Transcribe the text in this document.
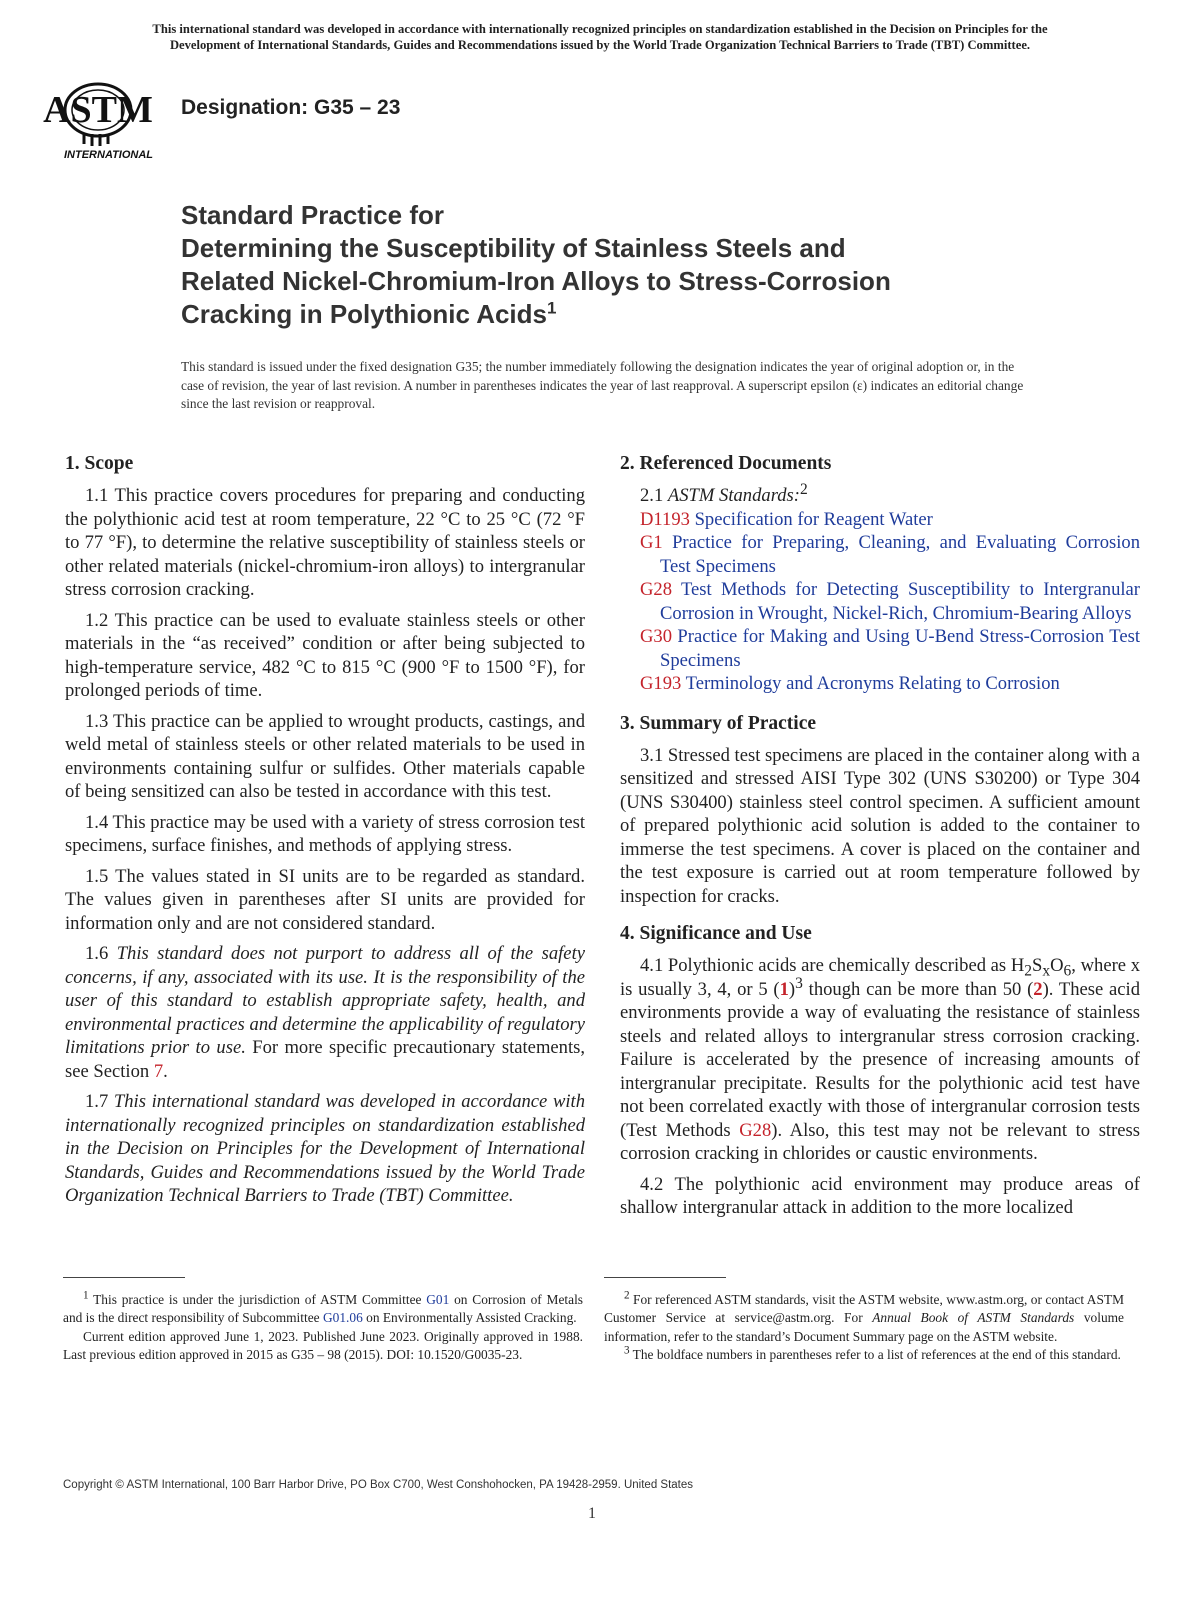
This international standard was developed in accordance with internationally recognized principles on standardization established in the Decision on Principles for the
Development of International Standards, Guides and Recommendations issued by the World Trade Organization Technical Barriers to Trade (TBT) Committee.
ASTM
INTERNATIONAL
Designation: G35 – 23
Standard Practice for
Determining the Susceptibility of Stainless Steels and
Related Nickel-Chromium-Iron Alloys to Stress-Corrosion
Cracking in Polythionic Acids$^1$
This standard is issued under the fixed designation G35; the number immediately following the designation indicates the year of original adoption or, in the case of revision, the year of last revision. A number in parentheses indicates the year of last reapproval. A superscript epsilon (ε) indicates an editorial change since the last revision or reapproval.
1. Scope

1.1 This practice covers procedures for preparing and conducting the polythionic acid test at room temperature, 22 °C to 25 °C (72 °F to 77 °F), to determine the relative susceptibility of stainless steels or other related materials (nickel-chromium-iron alloys) to intergranular stress corrosion cracking.

1.2 This practice can be used to evaluate stainless steels or other materials in the “as received” condition or after being subjected to high-temperature service, 482 °C to 815 °C (900 °F to 1500 °F), for prolonged periods of time.

1.3 This practice can be applied to wrought products, castings, and weld metal of stainless steels or other related materials to be used in environments containing sulfur or sulfides. Other materials capable of being sensitized can also be tested in accordance with this test.

1.4 This practice may be used with a variety of stress corrosion test specimens, surface finishes, and methods of applying stress.

1.5 The values stated in SI units are to be regarded as standard. The values given in parentheses after SI units are provided for information only and are not considered standard.

1.6 This standard does not purport to address all of the safety concerns, if any, associated with its use. It is the responsibility of the user of this standard to establish appropriate safety, health, and environmental practices and determine the applicability of regulatory limitations prior to use. For more specific precautionary statements, see Section 7.

1.7 This international standard was developed in accordance with internationally recognized principles on standardization established in the Decision on Principles for the Development of International Standards, Guides and Recommendations issued by the World Trade Organization Technical Barriers to Trade (TBT) Committee.

2. Referenced Documents

2.1 ASTM Standards:$^2$

D1193 Specification for Reagent Water

G1 Practice for Preparing, Cleaning, and Evaluating Corrosion Test Specimens

G28 Test Methods for Detecting Susceptibility to Intergranular Corrosion in Wrought, Nickel-Rich, Chromium-Bearing Alloys

G30 Practice for Making and Using U-Bend Stress-Corrosion Test Specimens

G193 Terminology and Acronyms Relating to Corrosion

3. Summary of Practice

3.1 Stressed test specimens are placed in the container along with a sensitized and stressed AISI Type 302 (UNS S30200) or Type 304 (UNS S30400) stainless steel control specimen. A sufficient amount of prepared polythionic acid solution is added to the container to immerse the test specimens. A cover is placed on the container and the test exposure is carried out at room temperature followed by inspection for cracks.

4. Significance and Use

4.1 Polythionic acids are chemically described as $H_2S_xO_6$, where x is usually 3, 4, or 5 $(1)^3$ though can be more than 50 (2). These acid environments provide a way of evaluating the resistance of stainless steels and related alloys to intergranular stress corrosion cracking. Failure is accelerated by the presence of increasing amounts of intergranular precipitate. Results for the polythionic acid test have not been correlated exactly with those of intergranular corrosion tests (Test Methods G28). Also, this test may not be relevant to stress corrosion cracking in chlorides or caustic environments.

4.2 The polythionic acid environment may produce areas of shallow intergranular attack in addition to the more localized

$^1$ This practice is under the jurisdiction of ASTM Committee G01 on Corrosion of Metals and is the direct responsibility of Subcommittee G01.06 on Environmentally Assisted Cracking.

Current edition approved June 1, 2023. Published June 2023. Originally approved in 1988. Last previous edition approved in 2015 as G35 – 98 (2015). DOI: 10.1520/G0035-23.

$^2$ For referenced ASTM standards, visit the ASTM website, www.astm.org, or contact ASTM Customer Service at service@astm.org. For Annual Book of ASTM Standards volume information, refer to the standard’s Document Summary page on the ASTM website.

$^3$ The boldface numbers in parentheses refer to a list of references at the end of this standard.

Copyright © ASTM International, 100 Barr Harbor Drive, PO Box C700, West Conshohocken, PA 19428-2959. United States
1
